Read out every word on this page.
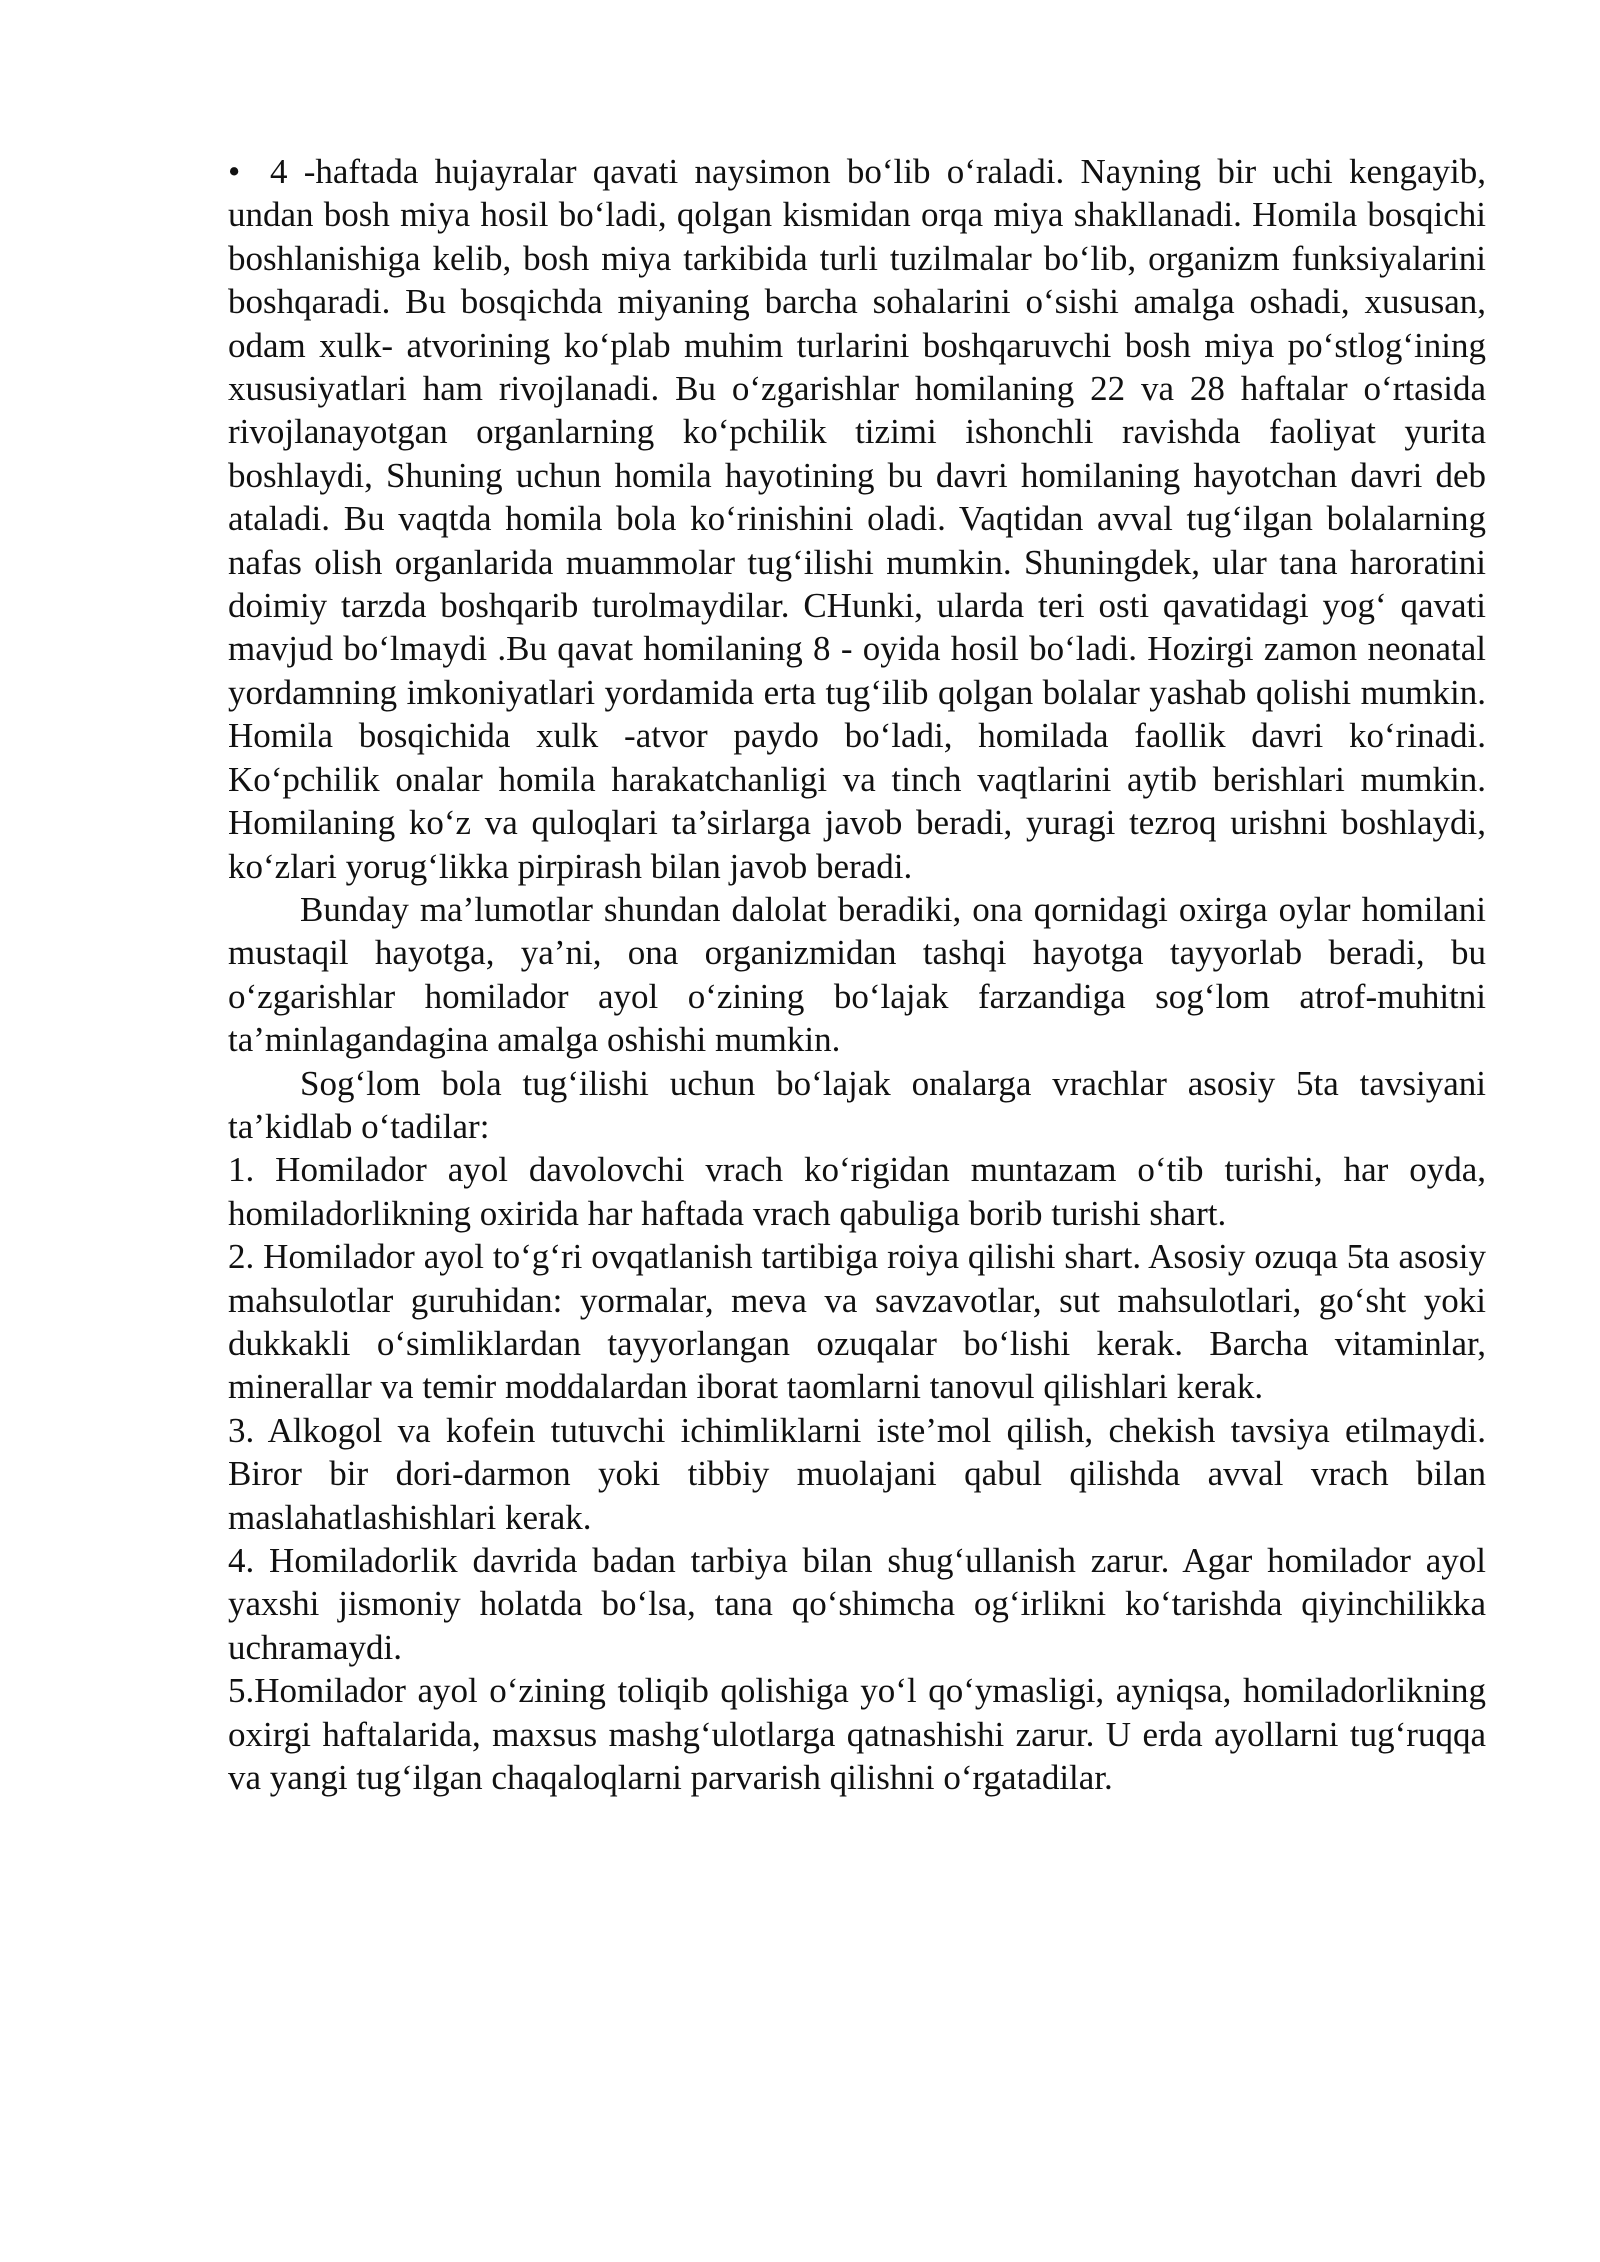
• 4 -haftada hujayralar qavati naysimon bo‘lib o‘raladi. Nayning bir uchi kengayib, undan bosh miya hosil bo‘ladi, qolgan kismidan orqa miya shakllanadi. Homila bosqichi boshlanishiga kelib, bosh miya tarkibida turli tuzilmalar bo‘lib, organizm funksiyalarini boshqaradi. Bu bosqichda miyaning barcha sohalarini o‘sishi amalga oshadi, xususan, odam xulk- atvorining ko‘plab muhim turlarini boshqaruvchi bosh miya po‘stlog‘ining xususiyatlari ham rivojlanadi. Bu o‘zgarishlar homilaning 22 va 28 haftalar o‘rtasida rivojlanayotgan organlarning ko‘pchilik tizimi ishonchli ravishda faoliyat yurita boshlaydi, Shuning uchun homila hayotining bu davri homilaning hayotchan davri deb ataladi. Bu vaqtda homila bola ko‘rinishini oladi. Vaqtidan avval tug‘ilgan bolalarning nafas olish organlarida muammolar tug‘ilishi mumkin. Shuningdek, ular tana haroratini doimiy tarzda boshqarib turolmaydilar. CHunki, ularda teri osti qavatidagi yog‘ qavati mavjud bo‘lmaydi .Bu qavat homilaning 8 - oyida hosil bo‘ladi. Hozirgi zamon neonatal yordamning imkoniyatlari yordamida erta tug‘ilib qolgan bolalar yashab qolishi mumkin. Homila bosqichida xulk -atvor paydo bo‘ladi, homilada faollik davri ko‘rinadi. Ko‘pchilik onalar homila harakatchanligi va tinch vaqtlarini aytib berishlari mumkin. Homilaning ko‘z va quloqlari ta’sirlarga javob beradi, yuragi tezroq urishni boshlaydi, ko‘zlari yorug‘likka pirpirash bilan javob beradi.

Bunday ma’lumotlar shundan dalolat beradiki, ona qornidagi oxirga oylar homilani mustaqil hayotga, ya’ni, ona organizmidan tashqi hayotga tayyorlab beradi, bu o‘zgarishlar homilador ayol o‘zining bo‘lajak farzandiga sog‘lom atrof-muhitni ta’minlagandagina amalga oshishi mumkin.

Sog‘lom bola tug‘ilishi uchun bo‘lajak onalarga vrachlar asosiy 5ta tavsiyani ta’kidlab o‘tadilar:

1. Homilador ayol davolovchi vrach ko‘rigidan muntazam o‘tib turishi, har oyda, homiladorlikning oxirida har haftada vrach qabuliga borib turishi shart.

2. Homilador ayol to‘g‘ri ovqatlanish tartibiga roiya qilishi shart. Asosiy ozuqa 5ta asosiy mahsulotlar guruhidan: yormalar, meva va savzavotlar, sut mahsulotlari, go‘sht yoki dukkakli o‘simliklardan tayyorlangan ozuqalar bo‘lishi kerak. Barcha vitaminlar, minerallar va temir moddalardan iborat taomlarni tanovul qilishlari kerak.

3. Alkogol va kofein tutuvchi ichimliklarni iste’mol qilish, chekish tavsiya etilmaydi. Biror bir dori-darmon yoki tibbiy muolajani qabul qilishda avval vrach bilan maslahatlashishlari kerak.

4. Homiladorlik davrida badan tarbiya bilan shug‘ullanish zarur. Agar homilador ayol yaxshi jismoniy holatda bo‘lsa, tana qo‘shimcha og‘irlikni ko‘tarishda qiyinchilikka uchramaydi.

5.Homilador ayol o‘zining toliqib qolishiga yo‘l qo‘ymasligi, ayniqsa, homiladorlikning oxirgi haftalarida, maxsus mashg‘ulotlarga qatnashishi zarur. U erda ayollarni tug‘ruqqa va yangi tug‘ilgan chaqaloqlarni parvarish qilishni o‘rgatadilar.
